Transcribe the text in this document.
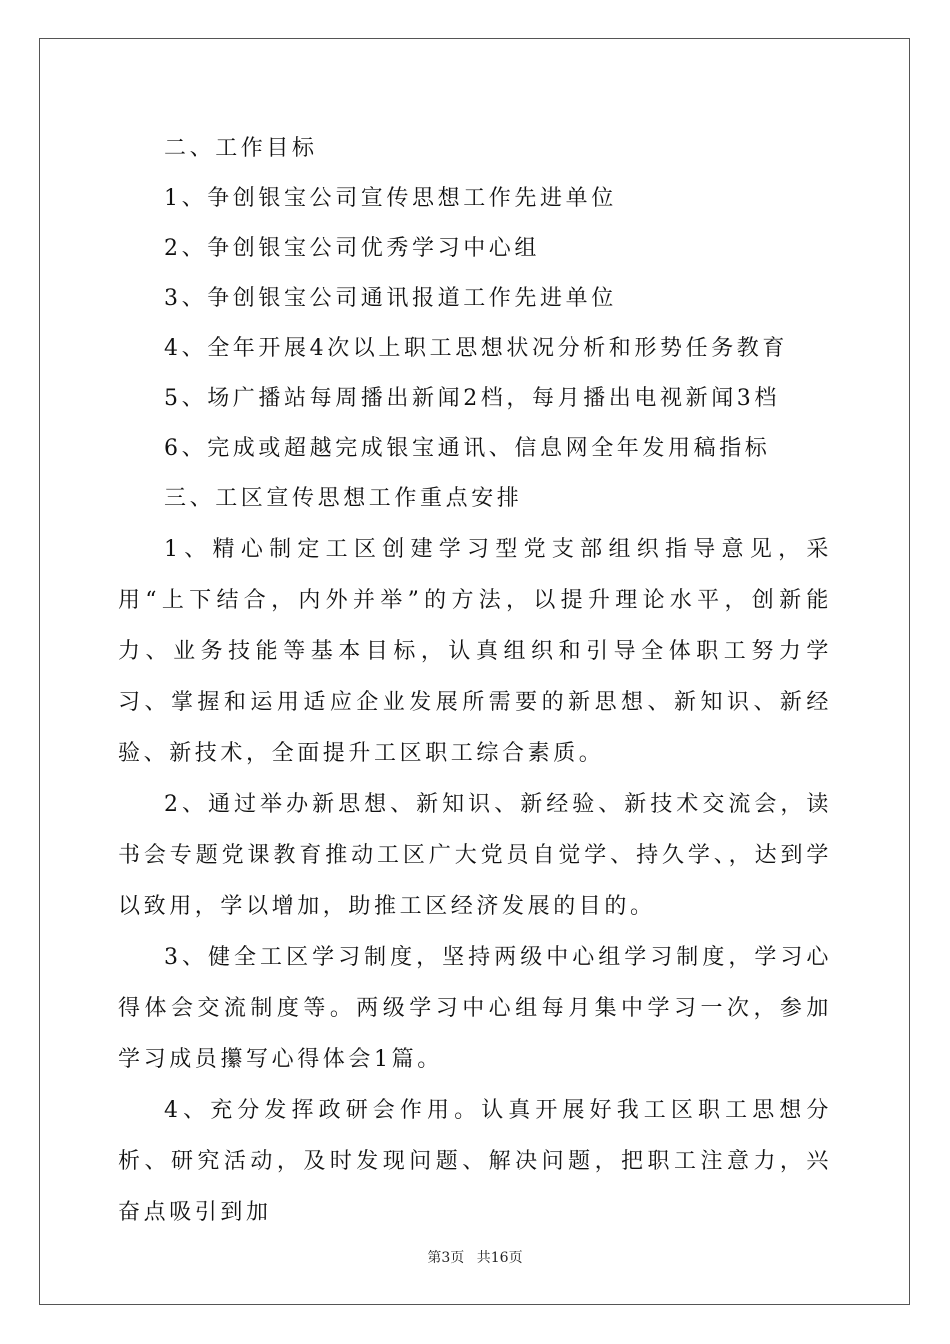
二、工作目标
1、争创银宝公司宣传思想工作先进单位
2、争创银宝公司优秀学习中心组
3、争创银宝公司通讯报道工作先进单位
4、全年开展4次以上职工思想状况分析和形势任务教育
5、场广播站每周播出新闻2档，每月播出电视新闻3档
6、完成或超越完成银宝通讯、信息网全年发用稿指标
三、工区宣传思想工作重点安排

1、精心制定工区创建学习型党支部组织指导意见，采用“上下结合，内外并举”的方法，以提升理论水平，创新能力、业务技能等基本目标，认真组织和引导全体职工努力学习、掌握和运用适应企业发展所需要的新思想、新知识、新经验、新技术，全面提升工区职工综合素质。

2、通过举办新思想、新知识、新经验、新技术交流会，读书会专题党课教育推动工区广大党员自觉学、持久学、，达到学以致用，学以增加，助推工区经济发展的目的。

3、健全工区学习制度，坚持两级中心组学习制度，学习心得体会交流制度等。两级学习中心组每月集中学习一次，参加学习成员攥写心得体会1篇。

4、充分发挥政研会作用。认真开展好我工区职工思想分析、研究活动，及时发现问题、解决问题，把职工注意力，兴奋点吸引到加

第3页 共16页
